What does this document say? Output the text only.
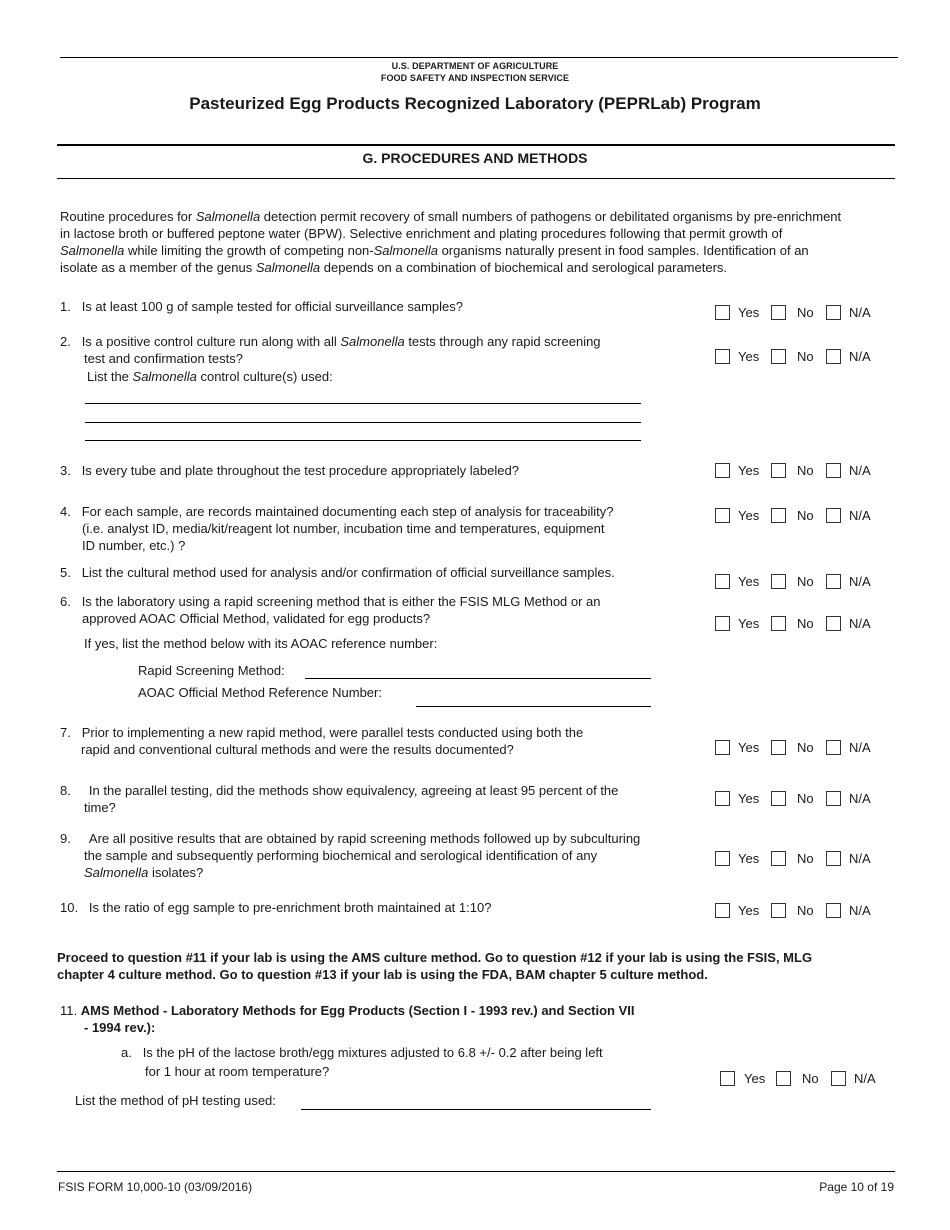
U.S. DEPARTMENT OF AGRICULTURE
FOOD SAFETY AND INSPECTION SERVICE
Pasteurized Egg Products Recognized Laboratory (PEPRLab) Program
G. PROCEDURES AND METHODS
Routine procedures for Salmonella detection permit recovery of small numbers of pathogens or debilitated organisms by pre-enrichment
in lactose broth or buffered peptone water (BPW). Selective enrichment and plating procedures following that permit growth of
Salmonella while limiting the growth of competing non-Salmonella organisms naturally present in food samples. Identification of an
isolate as a member of the genus Salmonella depends on a combination of biochemical and serological parameters.
1. Is at least 100 g of sample tested for official surveillance samples?	Yes	No	N/A
2. Is a positive control culture run along with all Salmonella tests through any rapid screening
test and confirmation tests?
List the Salmonella control culture(s) used:
Yes	No	N/A
3. Is every tube and plate throughout the test procedure appropriately labeled?	Yes	No	N/A
4. For each sample, are records maintained documenting each step of analysis for traceability?
(i.e. analyst ID, media/kit/reagent lot number, incubation time and temperatures, equipment
ID number, etc.) ?
Yes	No	N/A
5. List the cultural method used for analysis and/or confirmation of official surveillance samples.
Yes	No	N/A
6. Is the laboratory using a rapid screening method that is either the FSIS MLG Method or an
approved AOAC Official Method, validated for egg products?
If yes, list the method below with its AOAC reference number:
Yes	No	N/A
Rapid Screening Method:
AOAC Official Method Reference Number:
7. Prior to implementing a new rapid method, were parallel tests conducted using both the
rapid and conventional cultural methods and were the results documented?	Yes	No	N/A
8. In the parallel testing, did the methods show equivalency, agreeing at least 95 percent of the
time?
Yes	No	N/A
9. Are all positive results that are obtained by rapid screening methods followed up by subculturing
the sample and subsequently performing biochemical and serological identification of any
Salmonella isolates?
Yes	No	N/A
10. Is the ratio of egg sample to pre-enrichment broth maintained at 1:10?	Yes	No	N/A
Proceed to question #11 if your lab is using the AMS culture method. Go to question #12 if your lab is using the FSIS, MLG
chapter 4 culture method. Go to question #13 if your lab is using the FDA, BAM chapter 5 culture method.
11. AMS Method - Laboratory Methods for Egg Products (Section I - 1993 rev.) and Section VII
- 1994 rev.):
a. Is the pH of the lactose broth/egg mixtures adjusted to 6.8 +/- 0.2 after being left
for 1 hour at room temperature?	Yes	No	N/A
List the method of pH testing used:
FSIS FORM 10,000-10 (03/09/2016)	Page 10 of 19
